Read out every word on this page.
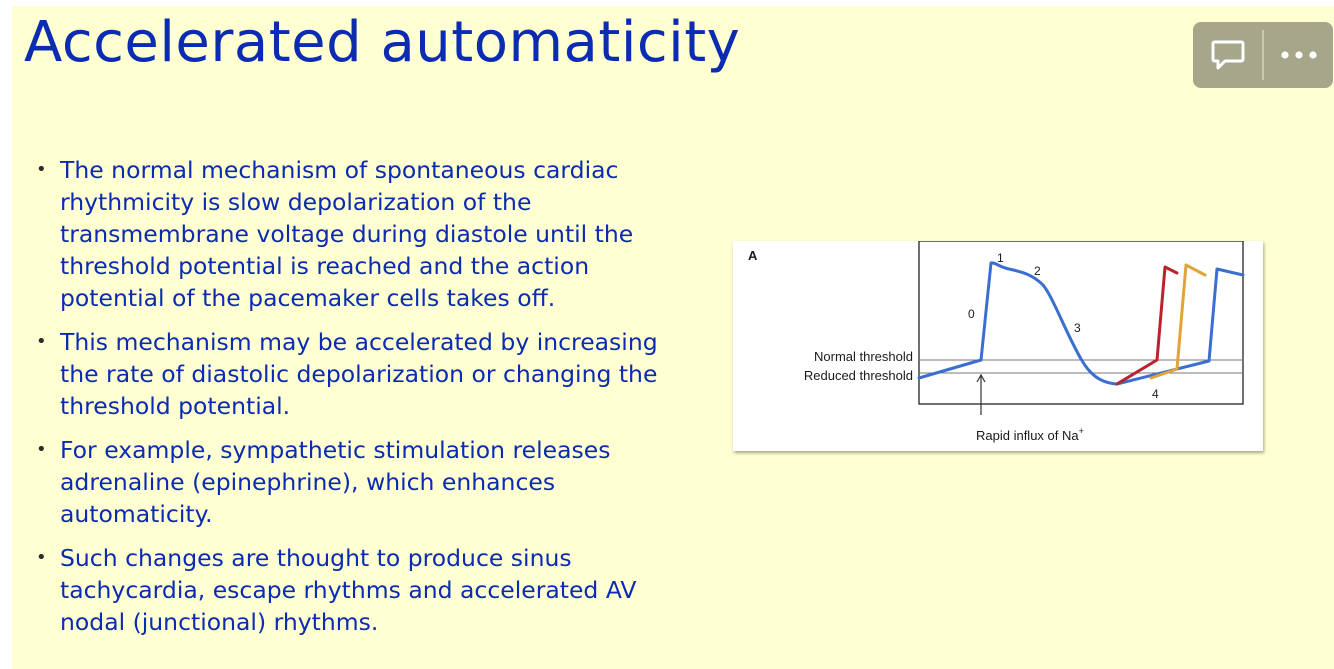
Accelerated automaticity
• The normal mechanism of spontaneous cardiac rhythmicity is slow depolarization of the transmembrane voltage during diastole until the threshold potential is reached and the action potential of the pacemaker cells takes off.
• This mechanism may be accelerated by increasing the rate of diastolic depolarization or changing the threshold potential.
• For example, sympathetic stimulation releases adrenaline (epinephrine), which enhances automaticity.
• Such changes are thought to produce sinus tachycardia, escape rhythms and accelerated AV nodal (junctional) rhythms.
A
Normal threshold
Reduced threshold
0
1
2
3
4
Rapid influx of Na+
